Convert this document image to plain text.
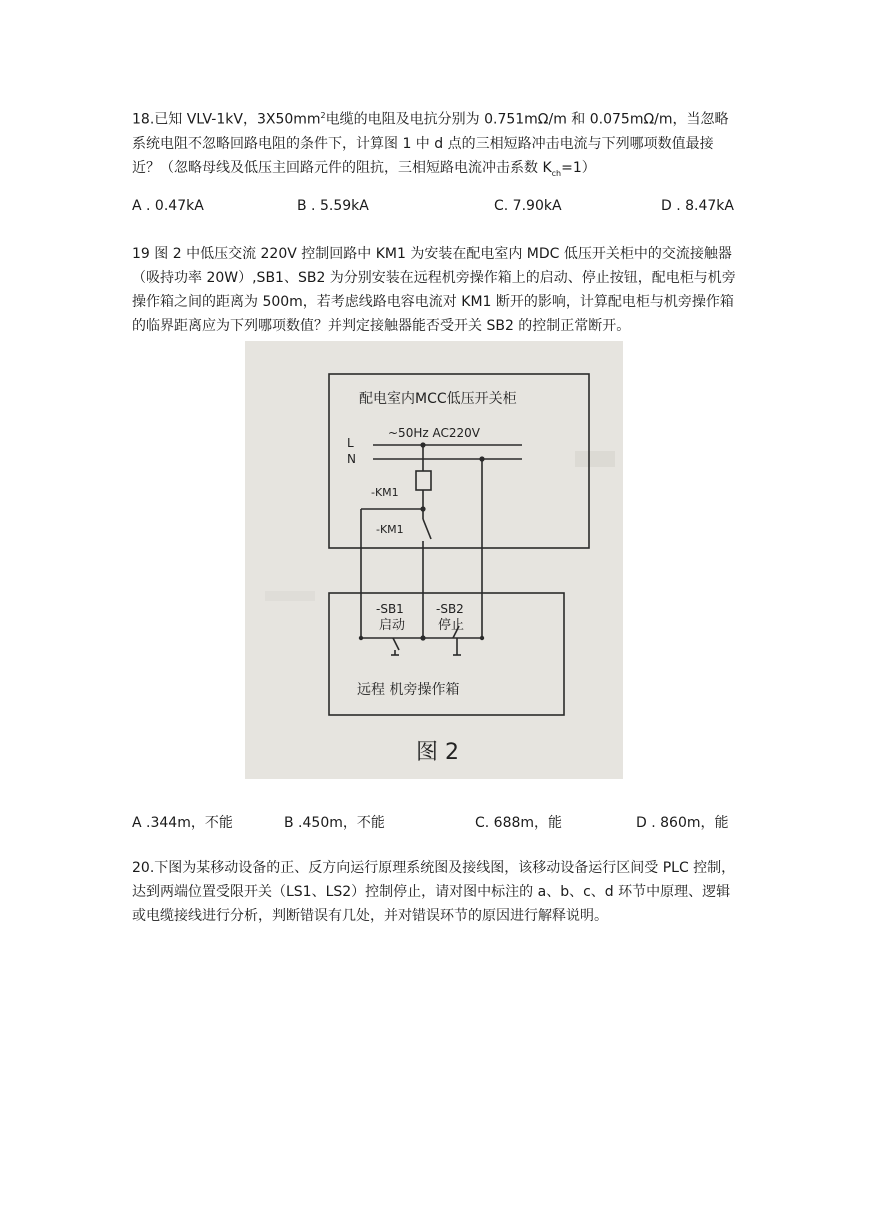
18.已知 VLV-1kV，$3X50mm^2$电缆的电阻及电抗分别为 0.751mΩ/m 和 0.075mΩ/m，当忽略系统电阻不忽略回路电阻的条件下，计算图 1 中 d 点的三相短路冲击电流与下列哪项数值最接近？（忽略母线及低压主回路元件的阻抗，三相短路电流冲击系数 $K_{ch}=1$）

A . 0.47kA	B . 5.59kA	C. 7.90kA	D . 8.47kA

19 图 2 中低压交流 220V 控制回路中 KM1 为安装在配电室内 MDC 低压开关柜中的交流接触器（吸持功率 20W）,SB1、SB2 为分别安装在远程机旁操作箱上的启动、停止按钮，配电柜与机旁操作箱之间的距离为 500m，若考虑线路电容电流对 KM1 断开的影响，计算配电柜与机旁操作箱的临界距离应为下列哪项数值？并判定接触器能否受开关 SB2 的控制正常断开。

配电室内MCC低压开关柜
~50Hz AC220V
L
N
-KM1
-KM1
-SB1
启动
-SB2
停止
远程 机旁操作箱
图 2
A .344m，不能	B .450m，不能	C. 688m，能	D . 860m，能

20.下图为某移动设备的正、反方向运行原理系统图及接线图，该移动设备运行区间受 PLC 控制，达到两端位置受限开关（LS1、LS2）控制停止，请对图中标注的 a、b、c、d 环节中原理、逻辑或电缆接线进行分析，判断错误有几处，并对错误环节的原因进行解释说明。
